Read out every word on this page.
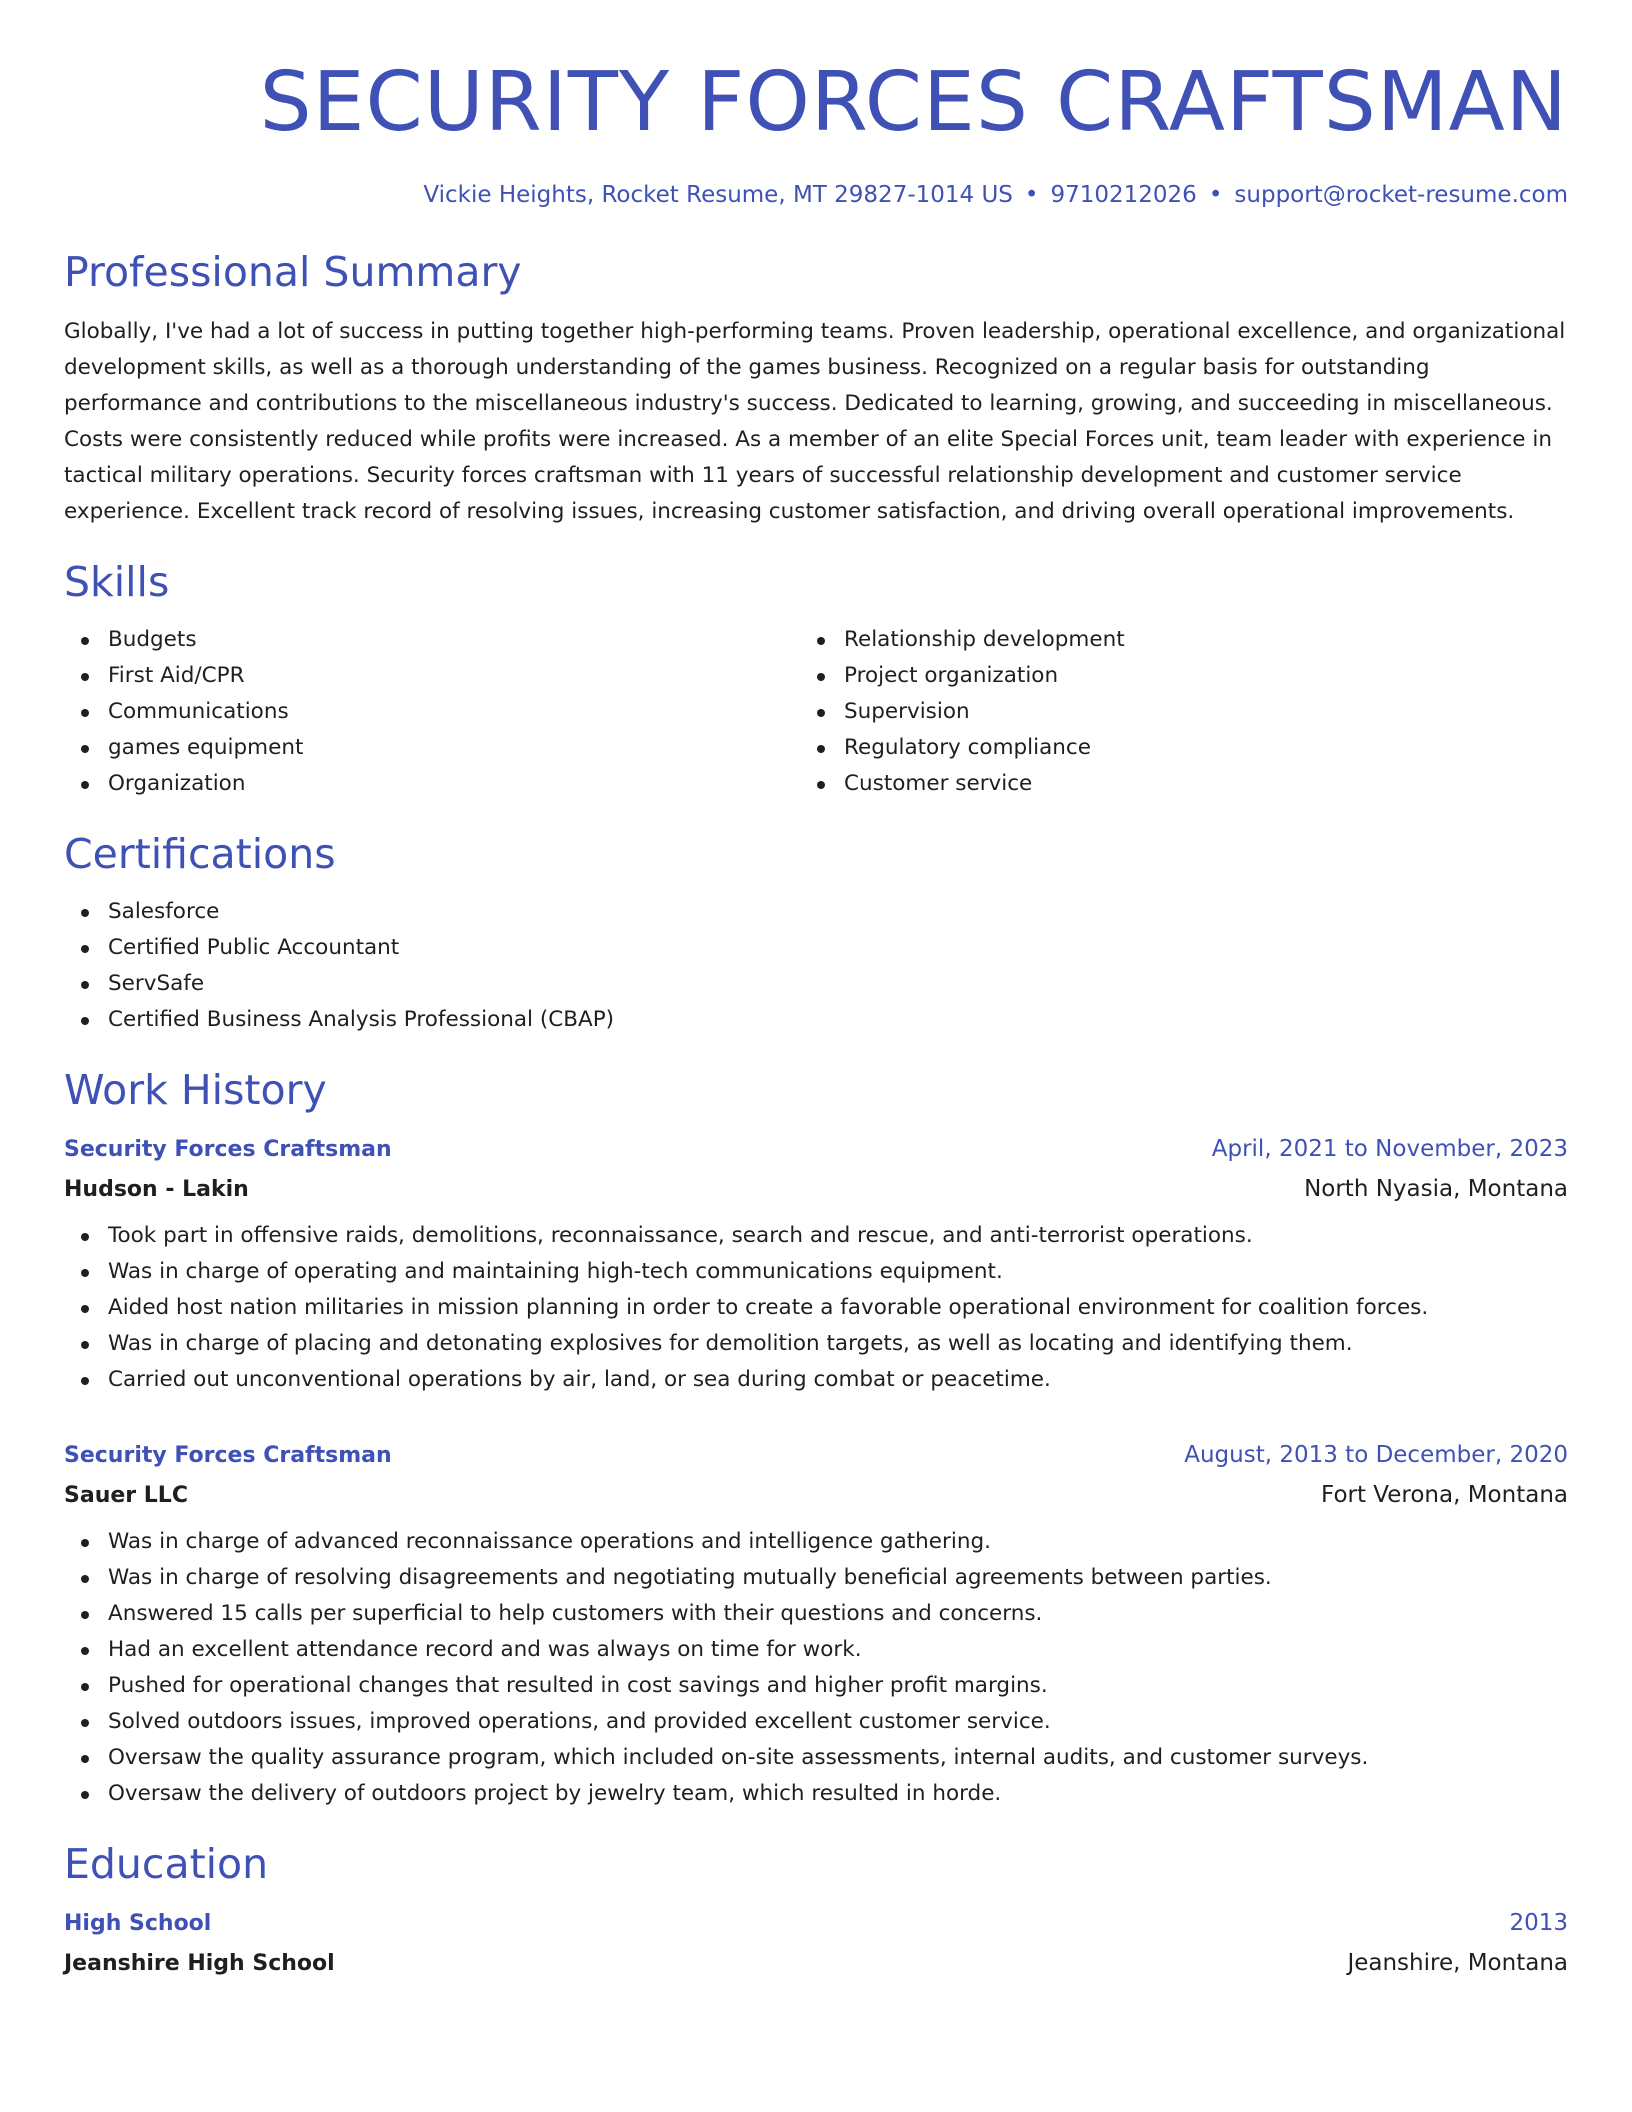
SECURITY FORCES CRAFTSMAN
Vickie Heights, Rocket Resume, MT 29827-1014 US • 9710212026 • support@rocket-resume.com
Professional Summary
Globally, I've had a lot of success in putting together high-performing teams. Proven leadership, operational excellence, and organizational development skills, as well as a thorough understanding of the games business. Recognized on a regular basis for outstanding performance and contributions to the miscellaneous industry's success. Dedicated to learning, growing, and succeeding in miscellaneous. Costs were consistently reduced while profits were increased. As a member of an elite Special Forces unit, team leader with experience in tactical military operations. Security forces craftsman with 11 years of successful relationship development and customer service experience. Excellent track record of resolving issues, increasing customer satisfaction, and driving overall operational improvements.
Skills
Budgets
First Aid/CPR
Communications
games equipment
Organization
Relationship development
Project organization
Supervision
Regulatory compliance
Customer service
Certifications
Salesforce
Certified Public Accountant
ServSafe
Certified Business Analysis Professional (CBAP)
Work History
Security Forces Craftsman	April, 2021 to November, 2023
Hudson - Lakin	North Nyasia, Montana
Took part in offensive raids, demolitions, reconnaissance, search and rescue, and anti-terrorist operations.
Was in charge of operating and maintaining high-tech communications equipment.
Aided host nation militaries in mission planning in order to create a favorable operational environment for coalition forces.
Was in charge of placing and detonating explosives for demolition targets, as well as locating and identifying them.
Carried out unconventional operations by air, land, or sea during combat or peacetime.
Security Forces Craftsman	August, 2013 to December, 2020
Sauer LLC	Fort Verona, Montana
Was in charge of advanced reconnaissance operations and intelligence gathering.
Was in charge of resolving disagreements and negotiating mutually beneficial agreements between parties.
Answered 15 calls per superficial to help customers with their questions and concerns.
Had an excellent attendance record and was always on time for work.
Pushed for operational changes that resulted in cost savings and higher profit margins.
Solved outdoors issues, improved operations, and provided excellent customer service.
Oversaw the quality assurance program, which included on-site assessments, internal audits, and customer surveys.
Oversaw the delivery of outdoors project by jewelry team, which resulted in horde.
Education
High School	2013
Jeanshire High School	Jeanshire, Montana
